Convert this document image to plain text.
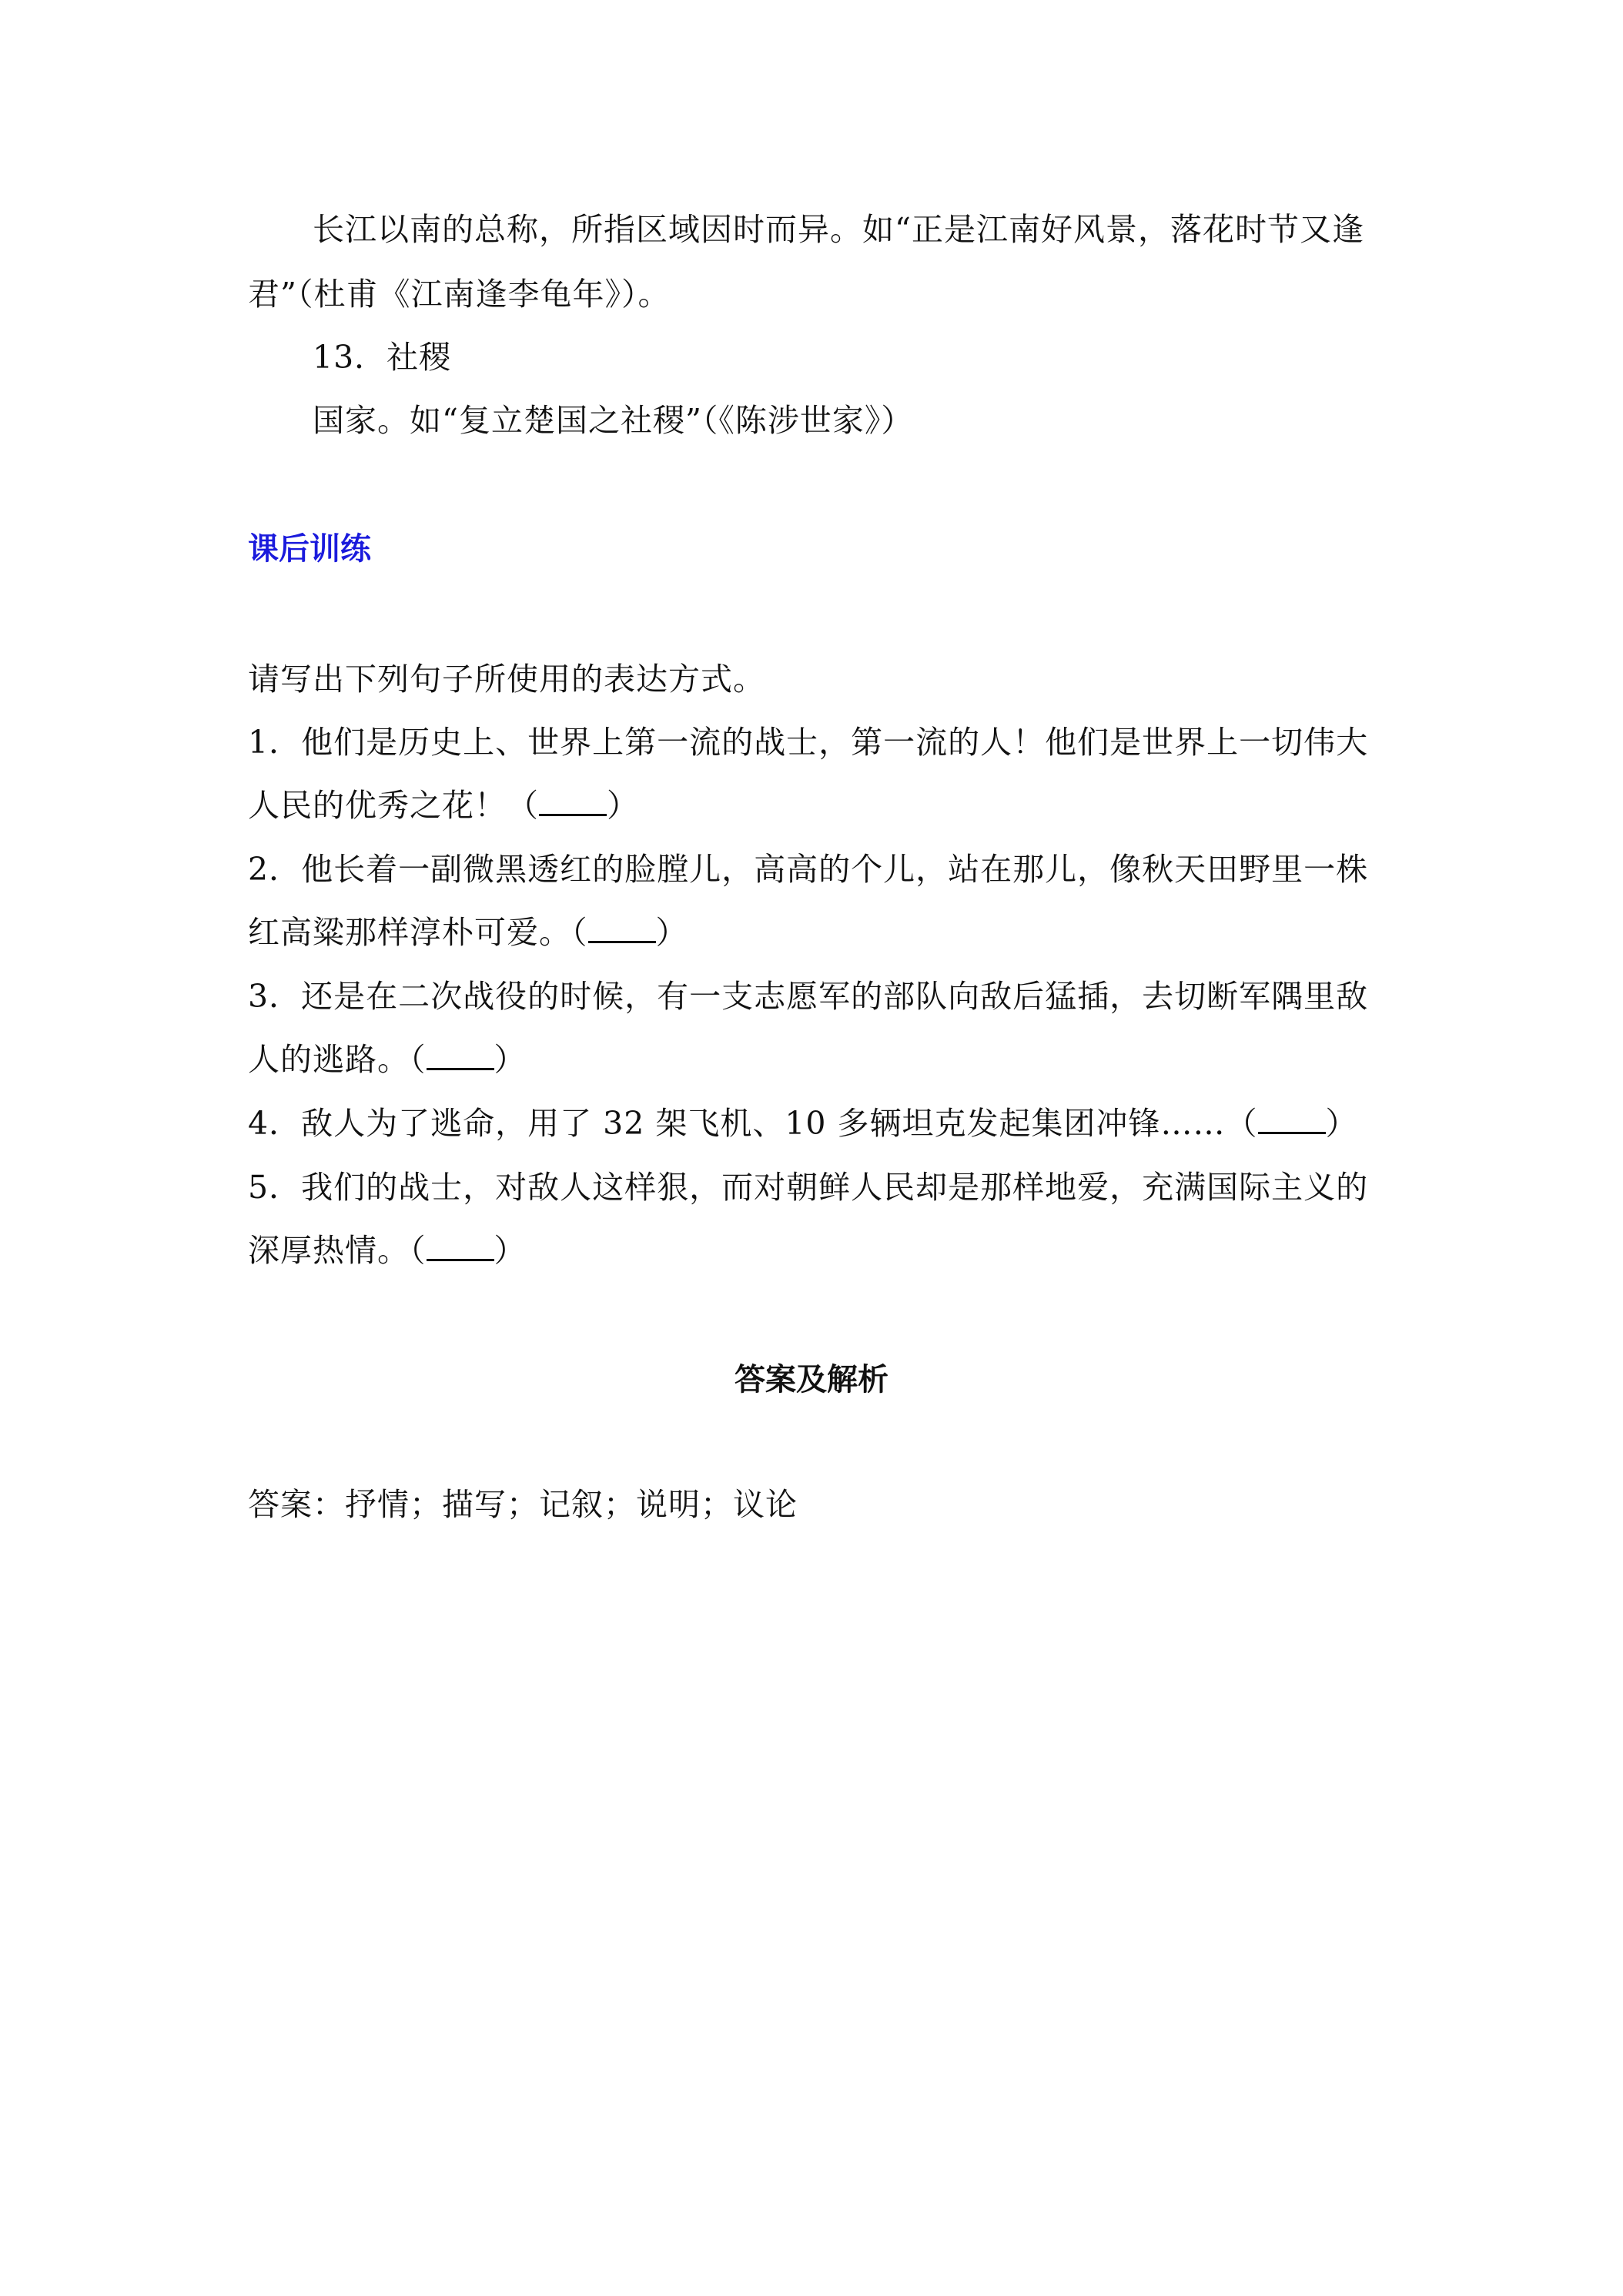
长江以南的总称，所指区域因时而异。如“正是江南好风景，落花时节又逢
君”（杜甫《江南逢李龟年》）。
13．社稷
国家。如“复立楚国之社稷”（《陈涉世家》）
课后训练
请写出下列句子所使用的表达方式。
1．他们是历史上、世界上第一流的战士，第一流的人！他们是世界上一切伟大
人民的优秀之花！（ ）
2．他长着一副微黑透红的脸膛儿，高高的个儿，站在那儿，像秋天田野里一株
红高粱那样淳朴可爱。（ ）
3．还是在二次战役的时候，有一支志愿军的部队向敌后猛插，去切断军隅里敌
人的逃路。（ ）
4．敌人为了逃命，用了 32 架飞机、10 多辆坦克发起集团冲锋……（ ）
5．我们的战士，对敌人这样狠，而对朝鲜人民却是那样地爱，充满国际主义的
深厚热情。（ ）
答案及解析
答案：抒情；描写；记叙；说明；议论
